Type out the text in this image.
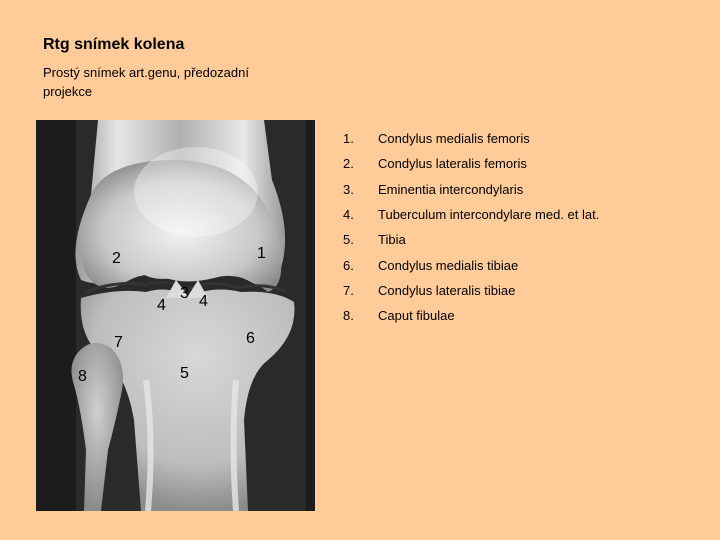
Rtg snímek kolena
Prostý snímek art.genu, předozadní projekce
1
2
3
4 4
5
6
7
8
1.	Condylus medialis femoris
2.	Condylus lateralis femoris
3.	Eminentia intercondylaris
4.	Tuberculum intercondylare med. et lat.
5.	Tibia
6.	Condylus medialis tibiae
7.	Condylus lateralis tibiae
8.	Caput fibulae
